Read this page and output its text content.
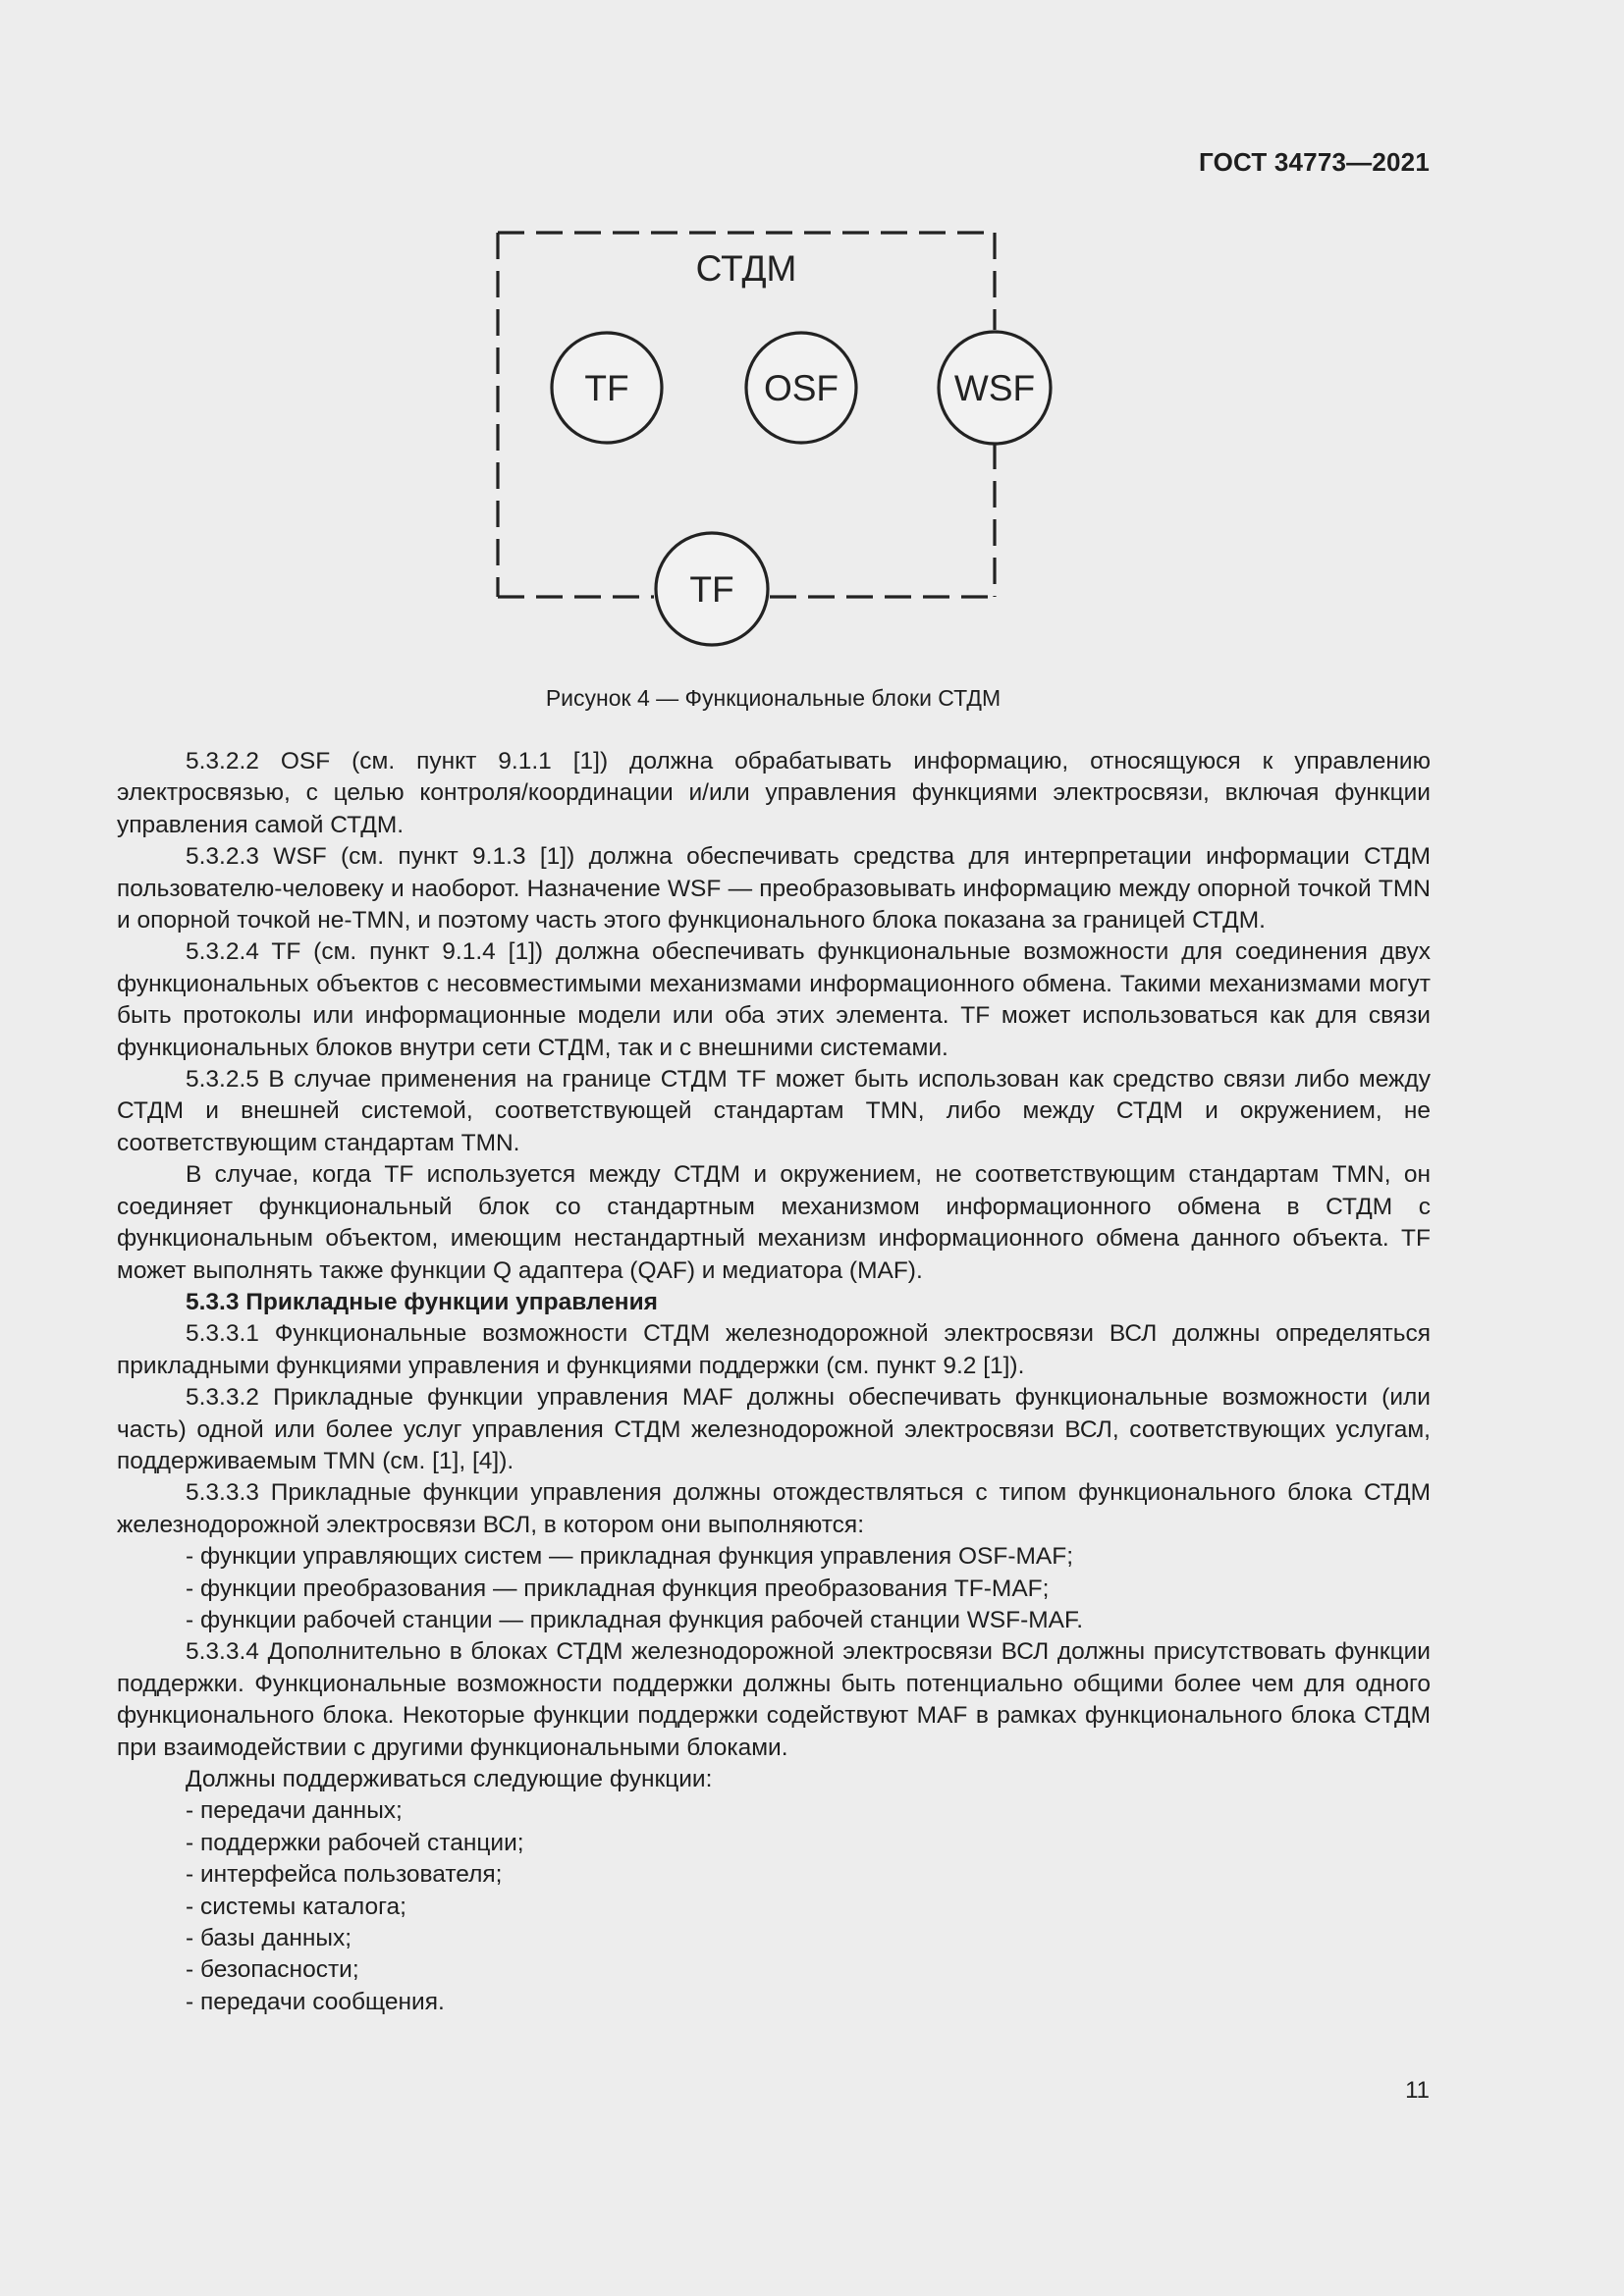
ГОСТ 34773—2021
СТДМ
TF	OSF	WSF
TF
Рисунок 4 — Функциональные блоки СТДМ

5.3.2.2 OSF (см. пункт 9.1.1 [1]) должна обрабатывать информацию, относящуюся к управлению электросвязью, с целью контроля/координации и/или управления функциями электросвязи, включая функции управления самой СТДМ.

5.3.2.3 WSF (см. пункт 9.1.3 [1]) должна обеспечивать средства для интерпретации информации СТДМ пользователю-человеку и наоборот. Назначение WSF — преобразовывать информацию между опорной точкой TMN и опорной точкой не-TMN, и поэтому часть этого функционального блока показана за границей СТДМ.

5.3.2.4 TF (см. пункт 9.1.4 [1]) должна обеспечивать функциональные возможности для соединения двух функциональных объектов с несовместимыми механизмами информационного обмена. Такими механизмами могут быть протоколы или информационные модели или оба этих элемента. TF может использоваться как для связи функциональных блоков внутри сети СТДМ, так и с внешними системами.

5.3.2.5 В случае применения на границе СТДМ TF может быть использован как средство связи либо между СТДМ и внешней системой, соответствующей стандартам TMN, либо между СТДМ и окружением, не соответствующим стандартам TMN.

В случае, когда TF используется между СТДМ и окружением, не соответствующим стандартам TMN, он соединяет функциональный блок со стандартным механизмом информационного обмена в СТДМ с функциональным объектом, имеющим нестандартный механизм информационного обмена данного объекта. TF может выполнять также функции Q адаптера (QAF) и медиатора (MAF).

5.3.3 Прикладные функции управления

5.3.3.1 Функциональные возможности СТДМ железнодорожной электросвязи ВСЛ должны определяться прикладными функциями управления и функциями поддержки (см. пункт 9.2 [1]).

5.3.3.2 Прикладные функции управления MAF должны обеспечивать функциональные возможности (или часть) одной или более услуг управления СТДМ железнодорожной электросвязи ВСЛ, соответствующих услугам, поддерживаемым TMN (см. [1], [4]).

5.3.3.3 Прикладные функции управления должны отождествляться с типом функционального блока СТДМ железнодорожной электросвязи ВСЛ, в котором они выполняются:

- функции управляющих систем — прикладная функция управления OSF-MAF;

- функции преобразования — прикладная функция преобразования TF-MAF;

- функции рабочей станции — прикладная функция рабочей станции WSF-MAF.

5.3.3.4 Дополнительно в блоках СТДМ железнодорожной электросвязи ВСЛ должны присутствовать функции поддержки. Функциональные возможности поддержки должны быть потенциально общими более чем для одного функционального блока. Некоторые функции поддержки содействуют MAF в рамках функционального блока СТДМ при взаимодействии с другими функциональными блоками.

Должны поддерживаться следующие функции:

- передачи данных;

- поддержки рабочей станции;

- интерфейса пользователя;

- системы каталога;

- базы данных;

- безопасности;

- передачи сообщения.

11
